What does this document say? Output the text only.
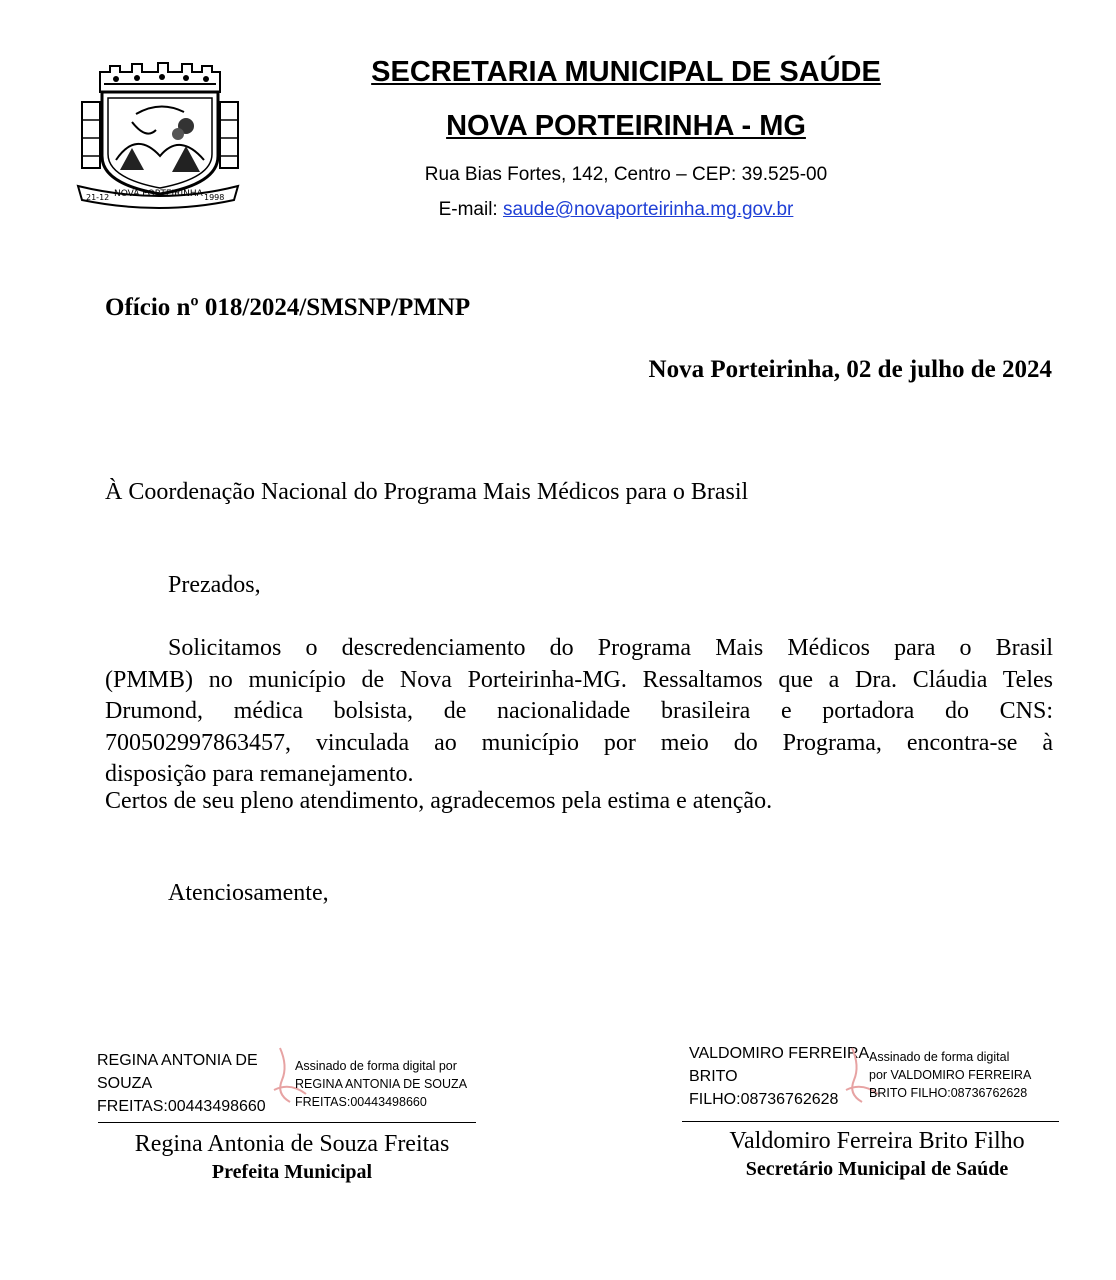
21-12 NOVA PORTEIRINHA 1998
SECRETARIA MUNICIPAL DE SAÚDE
NOVA PORTEIRINHA - MG
Rua Bias Fortes, 142, Centro – CEP: 39.525-00
E-mail: saude@novaporteirinha.mg.gov.br
Ofício nº 018/2024/SMSNP/PMNP
Nova Porteirinha, 02 de julho de 2024
À Coordenação Nacional do Programa Mais Médicos para o Brasil
Prezados,
Solicitamos o descredenciamento do Programa Mais Médicos para o Brasil
(PMMB) no município de Nova Porteirinha-MG. Ressaltamos que a Dra. Cláudia Teles
Drumond, médica bolsista, de nacionalidade brasileira e portadora do CNS:
700502997863457, vinculada ao município por meio do Programa, encontra-se à
disposição para remanejamento.
Certos de seu pleno atendimento, agradecemos pela estima e atenção.
Atenciosamente,
REGINA ANTONIA DE
SOUZA
FREITAS:00443498660
Assinado de forma digital por
REGINA ANTONIA DE SOUZA
FREITAS:00443498660
Regina Antonia de Souza Freitas
Prefeita Municipal
VALDOMIRO FERREIRA
BRITO
FILHO:08736762628
Assinado de forma digital
por VALDOMIRO FERREIRA
BRITO FILHO:08736762628
Valdomiro Ferreira Brito Filho
Secretário Municipal de Saúde
